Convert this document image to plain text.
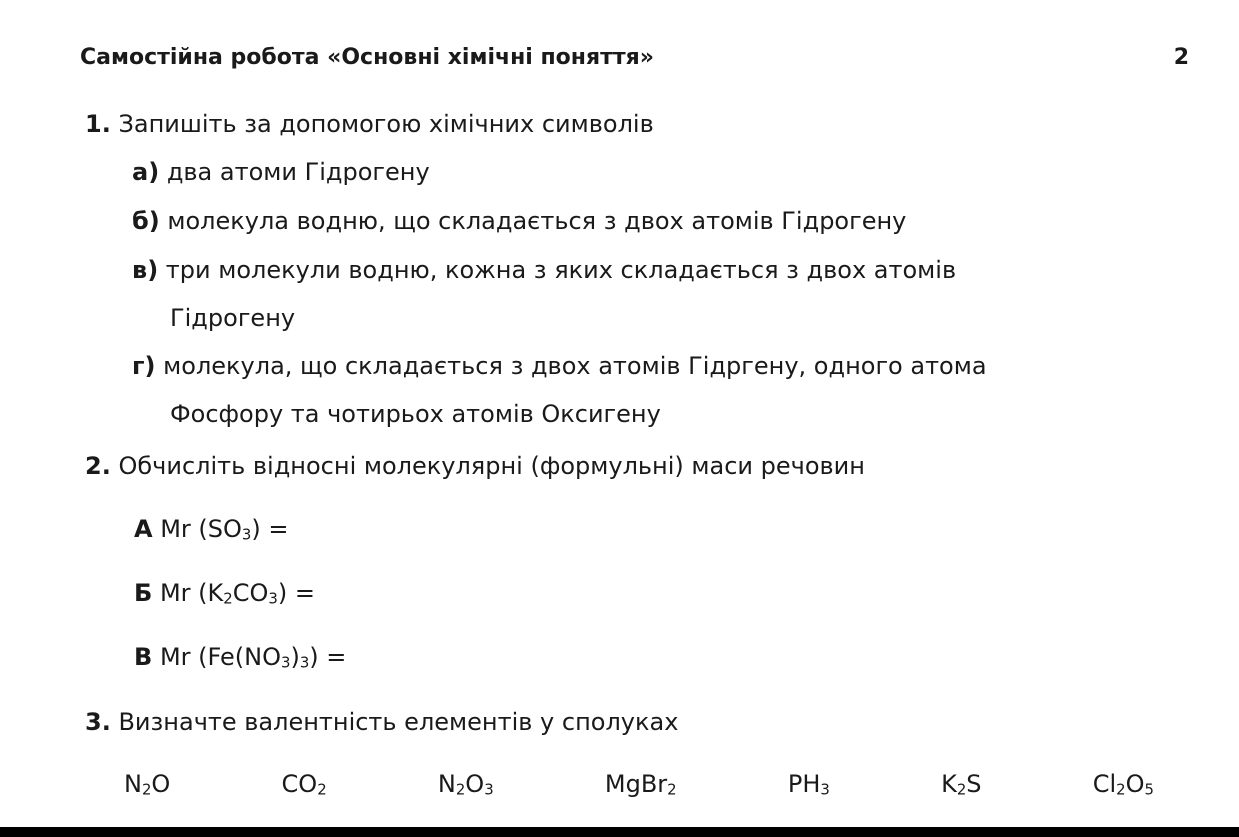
Самостійна робота «Основні хімічні поняття»	2
1. Запишіть за допомогою хімічних символів
а) два атоми Гідрогену
б) молекула водню, що складається з двох атомів Гідрогену
в) три молекули водню, кожна з яких складається з двох атомів
Гідрогену
г) молекула, що складається з двох атомів Гідргену, одного атома
Фосфору та чотирьох атомів Оксигену
2. Обчисліть відносні молекулярні (формульні) маси речовин
А Mr $(SO_3)$ =
Б Mr $(K_2CO_3)$ =
В Mr $(Fe(NO_3)_3)$ =
3. Визначте валентність елементів у сполуках
$N_2O$	$CO_2$	$N_2O_3$	MgBr$_2$	$PH_3$	$K_2S$	$Cl_2O_5$
